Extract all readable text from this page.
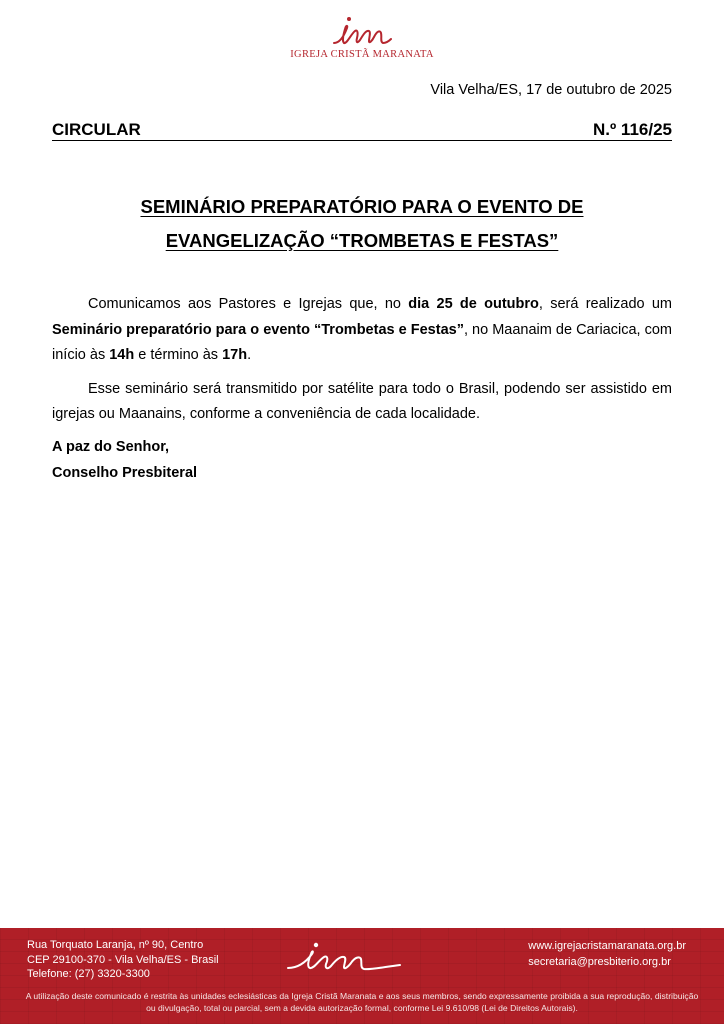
IGREJA CRISTÃ MARANATA
Vila Velha/ES, 17 de outubro de 2025
CIRCULAR	N.º 116/25
SEMINÁRIO PREPARATÓRIO PARA O EVENTO DE
EVANGELIZAÇÃO “TROMBETAS E FESTAS”

Comunicamos aos Pastores e Igrejas que, no dia 25 de outubro, será realizado um Seminário preparatório para o evento “Trombetas e Festas”, no Maanaim de Cariacica, com início às 14h e término às 17h.

Esse seminário será transmitido por satélite para todo o Brasil, podendo ser assistido em igrejas ou Maanains, conforme a conveniência de cada localidade.

A paz do Senhor,
Conselho Presbiteral
Rua Torquato Laranja, nº 90, Centro
CEP 29100-370 - Vila Velha/ES - Brasil
Telefone: (27) 3320-3300
www.igrejacristamaranata.org.br
secretaria@presbiterio.org.br
A utilização deste comunicado é restrita às unidades eclesiásticas da Igreja Cristã Maranata e aos seus membros, sendo expressamente proibida a sua reprodução, distribuição ou divulgação, total ou parcial, sem a devida autorização formal, conforme Lei 9.610/98 (Lei de Direitos Autorais).
